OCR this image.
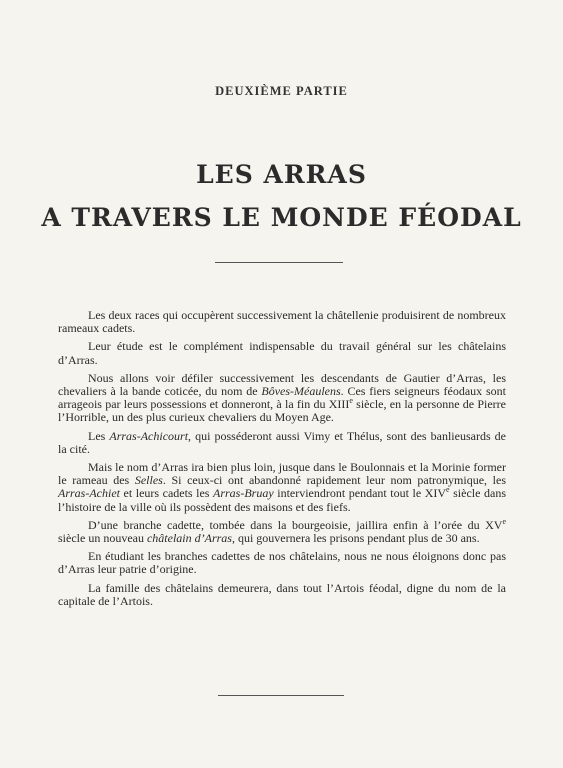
DEUXIÈME PARTIE
LES ARRAS
A TRAVERS LE MONDE FÉODAL

Les deux races qui occupèrent successivement la châtellenie produisirent de nombreux rameaux cadets.

Leur étude est le complément indispensable du travail général sur les châtelains d’Arras.

Nous allons voir défiler successivement les descendants de Gautier d’Arras, les chevaliers à la bande coticée, du nom de Bôves-Méaulens. Ces fiers seigneurs féodaux sont arrageois par leurs possessions et donneront, à la fin du XIIIe siècle, en la personne de Pierre l’Horrible, un des plus curieux chevaliers du Moyen Age.

Les Arras-Achicourt, qui posséderont aussi Vimy et Thélus, sont des banlieusards de la cité.

Mais le nom d’Arras ira bien plus loin, jusque dans le Boulonnais et la Morinie former le rameau des Selles. Si ceux-ci ont abandonné rapidement leur nom patronymique, les Arras-Achiet et leurs cadets les Arras-Bruay interviendront pendant tout le XIVe siècle dans l’histoire de la ville où ils possèdent des maisons et des fiefs.

D’une branche cadette, tombée dans la bourgeoisie, jaillira enfin à l’orée du XVe siècle un nouveau châtelain d’Arras, qui gouvernera les prisons pendant plus de 30 ans.

En étudiant les branches cadettes de nos châtelains, nous ne nous éloignons donc pas d’Arras leur patrie d’origine.

La famille des châtelains demeurera, dans tout l’Artois féodal, digne du nom de la capitale de l’Artois.
